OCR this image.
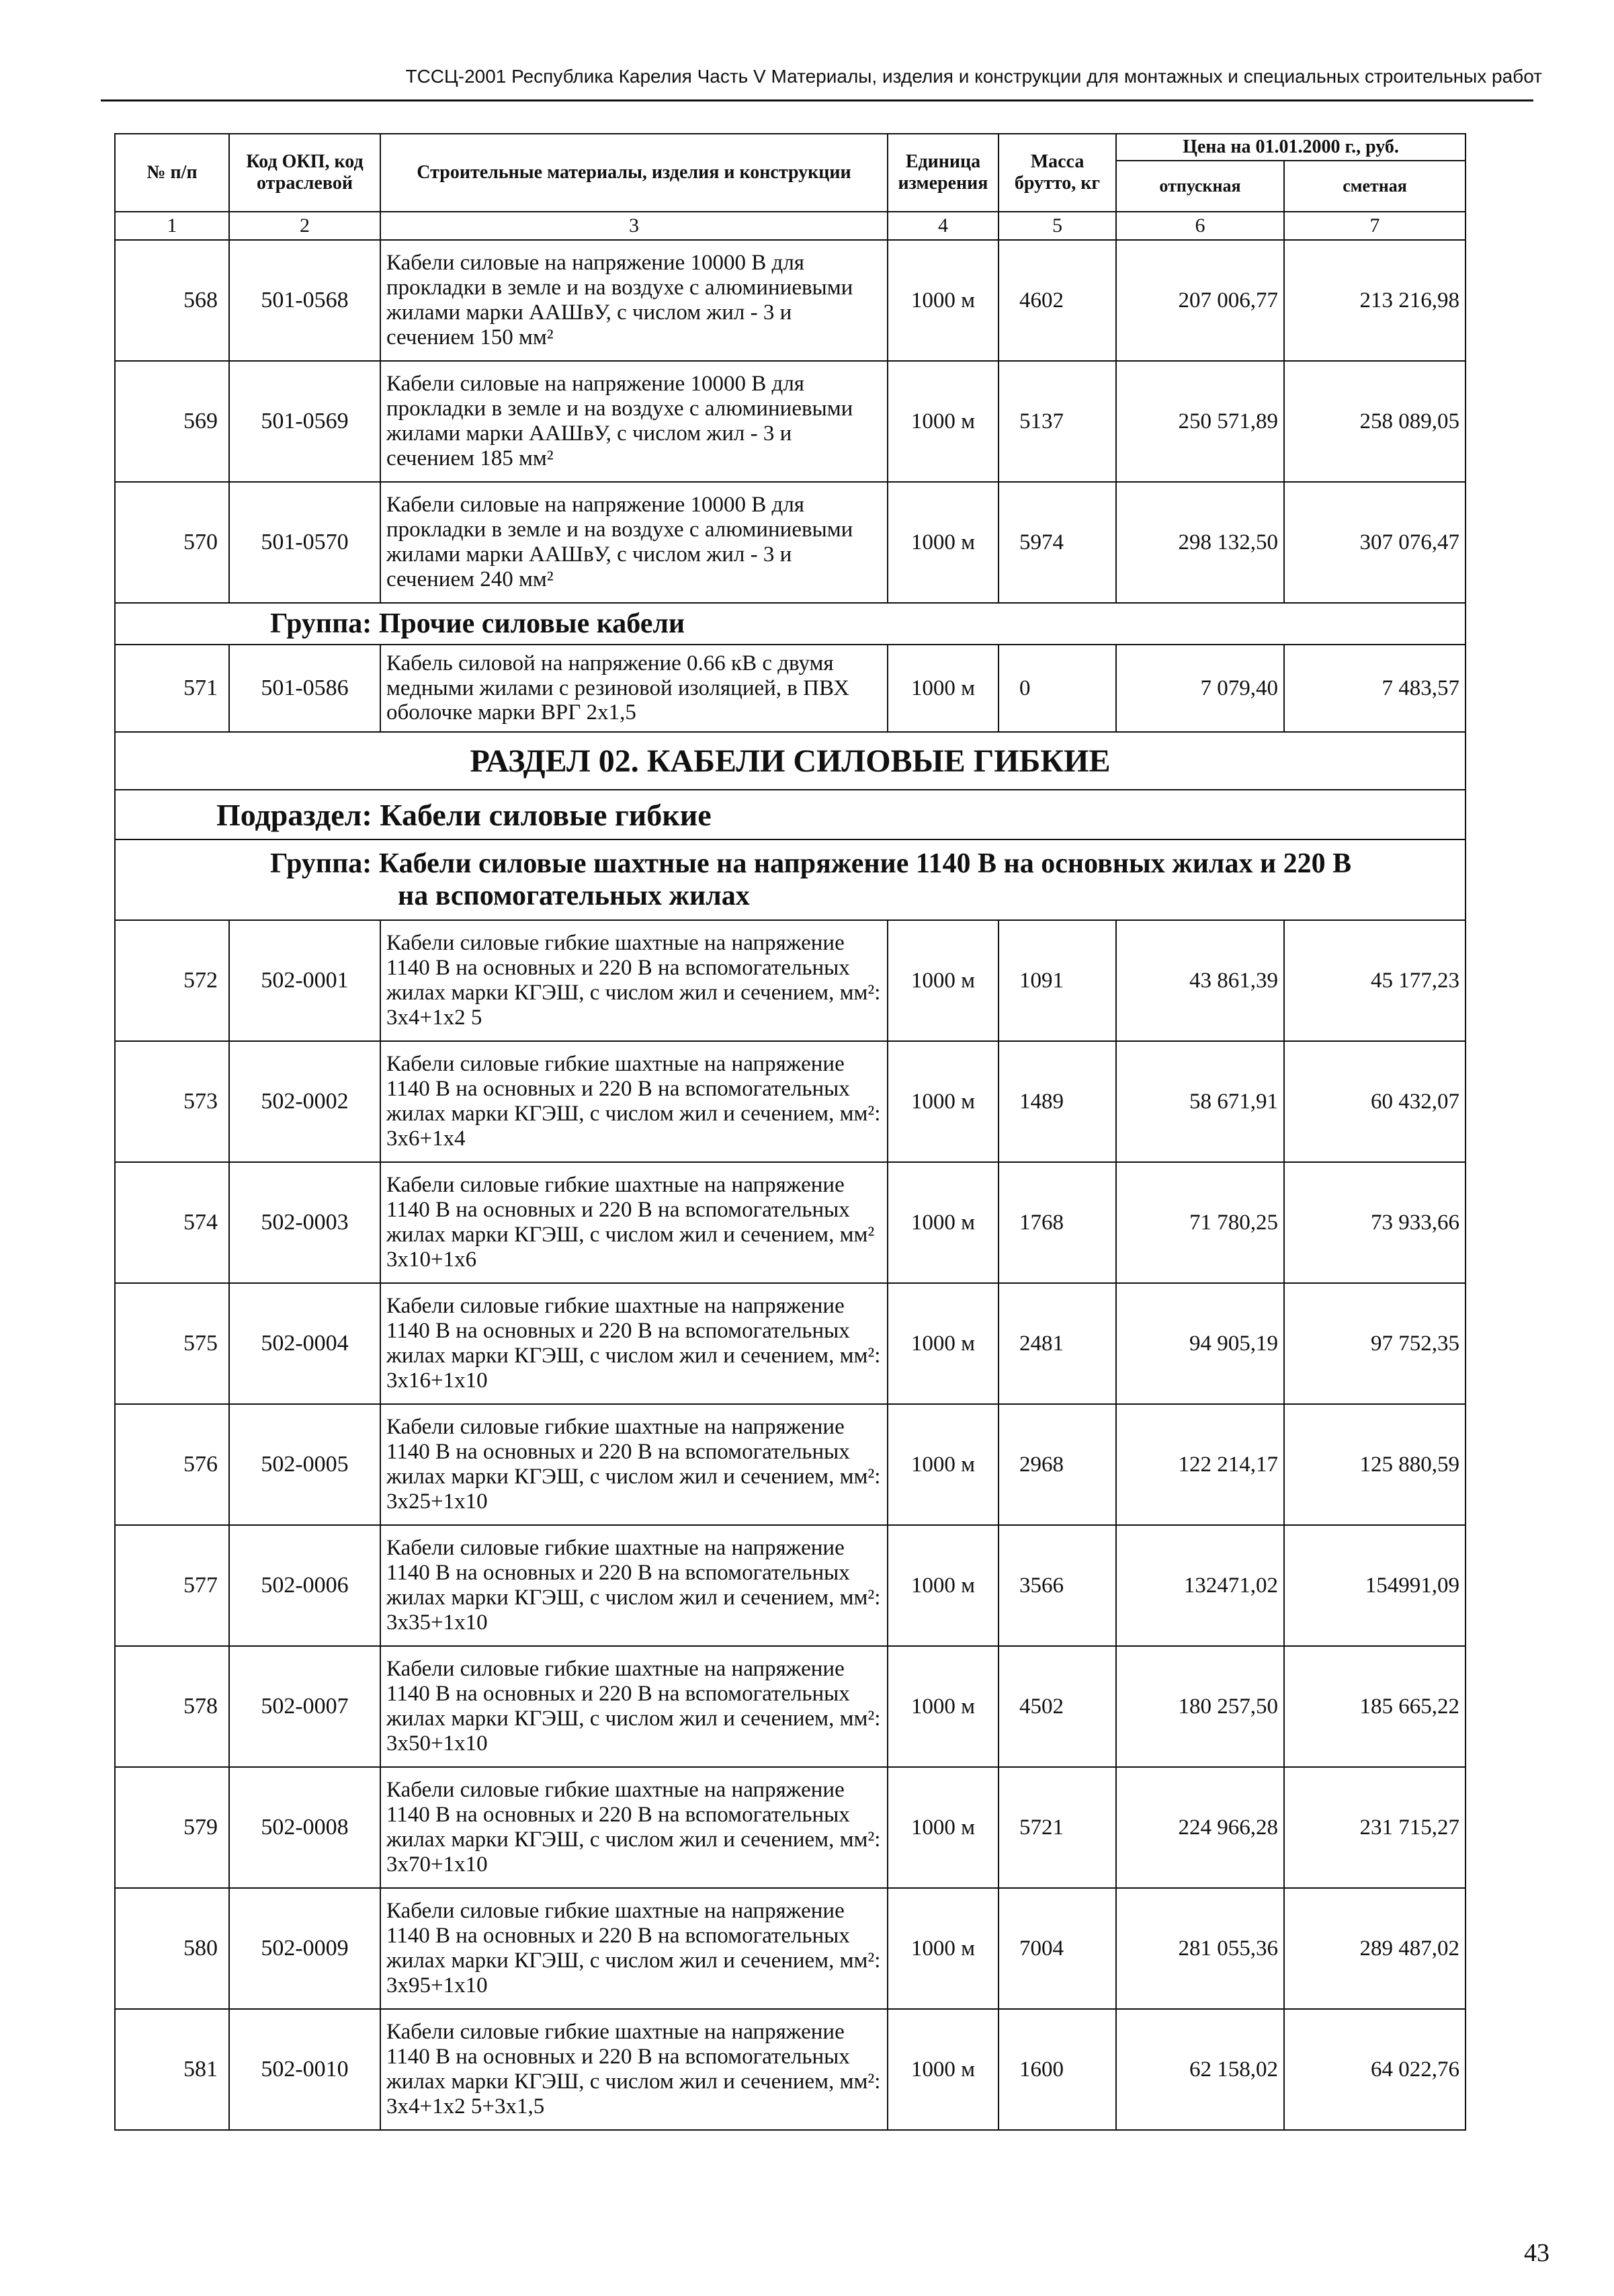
ТССЦ-2001 Республика Карелия Часть V Материалы, изделия и конструкции для монтажных и специальных строительных работ
№ п/п	Код ОКП, код отраслевой	Строительные материалы, изделия и конструкции	Единица измерения	Масса брутто, кг	Цена на 01.01.2000 г., руб.	
					отпускная	сметная
1	2	3	4	5	6	7
568	501-0568	Кабели силовые на напряжение 10000 В для прокладки в земле и на воздухе с алюминиевыми жилами марки ААШвУ, с числом жил - 3 и сечением 150 мм²	1000 м	4602	207 006,77	213 216,98
569	501-0569	Кабели силовые на напряжение 10000 В для прокладки в земле и на воздухе с алюминиевыми жилами марки ААШвУ, с числом жил - 3 и сечением 185 мм²	1000 м	5137	250 571,89	258 089,05
570	501-0570	Кабели силовые на напряжение 10000 В для прокладки в земле и на воздухе с алюминиевыми жилами марки ААШвУ, с числом жил - 3 и сечением 240 мм²	1000 м	5974	298 132,50	307 076,47
Группа: Прочие силовые кабели						
571	501-0586	Кабель силовой на напряжение 0.66 кВ с двумя медными жилами с резиновой изоляцией, в ПВХ оболочке марки ВРГ 2х1,5	1000 м	0	7 079,40	7 483,57
РАЗДЕЛ 02. КАБЕЛИ СИЛОВЫЕ ГИБКИЕ						
Подраздел: Кабели силовые гибкие						
Группа: Кабели силовые шахтные на напряжение 1140 В на основных жилах и 220 В
на вспомогательных жилах						

572	502-0001	Кабели силовые гибкие шахтные на напряжение 1140 В на основных и 220 В на вспомогательных жилах марки КГЭШ, с числом жил и сечением, мм²: 3х4+1х2 5	1000 м	1091	43 861,39	45 177,23
573	502-0002	Кабели силовые гибкие шахтные на напряжение 1140 В на основных и 220 В на вспомогательных жилах марки КГЭШ, с числом жил и сечением, мм²: 3х6+1х4	1000 м	1489	58 671,91	60 432,07
574	502-0003	Кабели силовые гибкие шахтные на напряжение 1140 В на основных и 220 В на вспомогательных жилах марки КГЭШ, с числом жил и сечением, мм² 3х10+1х6	1000 м	1768	71 780,25	73 933,66
575	502-0004	Кабели силовые гибкие шахтные на напряжение 1140 В на основных и 220 В на вспомогательных жилах марки КГЭШ, с числом жил и сечением, мм²: 3х16+1х10	1000 м	2481	94 905,19	97 752,35
576	502-0005	Кабели силовые гибкие шахтные на напряжение 1140 В на основных и 220 В на вспомогательных жилах марки КГЭШ, с числом жил и сечением, мм²: 3х25+1х10	1000 м	2968	122 214,17	125 880,59
577	502-0006	Кабели силовые гибкие шахтные на напряжение 1140 В на основных и 220 В на вспомогательных жилах марки КГЭШ, с числом жил и сечением, мм²: 3х35+1х10	1000 м	3566	132471,02	154991,09
578	502-0007	Кабели силовые гибкие шахтные на напряжение 1140 В на основных и 220 В на вспомогательных жилах марки КГЭШ, с числом жил и сечением, мм²: 3х50+1х10	1000 м	4502	180 257,50	185 665,22
579	502-0008	Кабели силовые гибкие шахтные на напряжение 1140 В на основных и 220 В на вспомогательных жилах марки КГЭШ, с числом жил и сечением, мм²: 3х70+1х10	1000 м	5721	224 966,28	231 715,27
580	502-0009	Кабели силовые гибкие шахтные на напряжение 1140 В на основных и 220 В на вспомогательных жилах марки КГЭШ, с числом жил и сечением, мм²: 3х95+1х10	1000 м	7004	281 055,36	289 487,02
581	502-0010	Кабели силовые гибкие шахтные на напряжение 1140 В на основных и 220 В на вспомогательных жилах марки КГЭШ, с числом жил и сечением, мм²: 3х4+1х2 5+3х1,5	1000 м	1600	62 158,02	64 022,76
43
